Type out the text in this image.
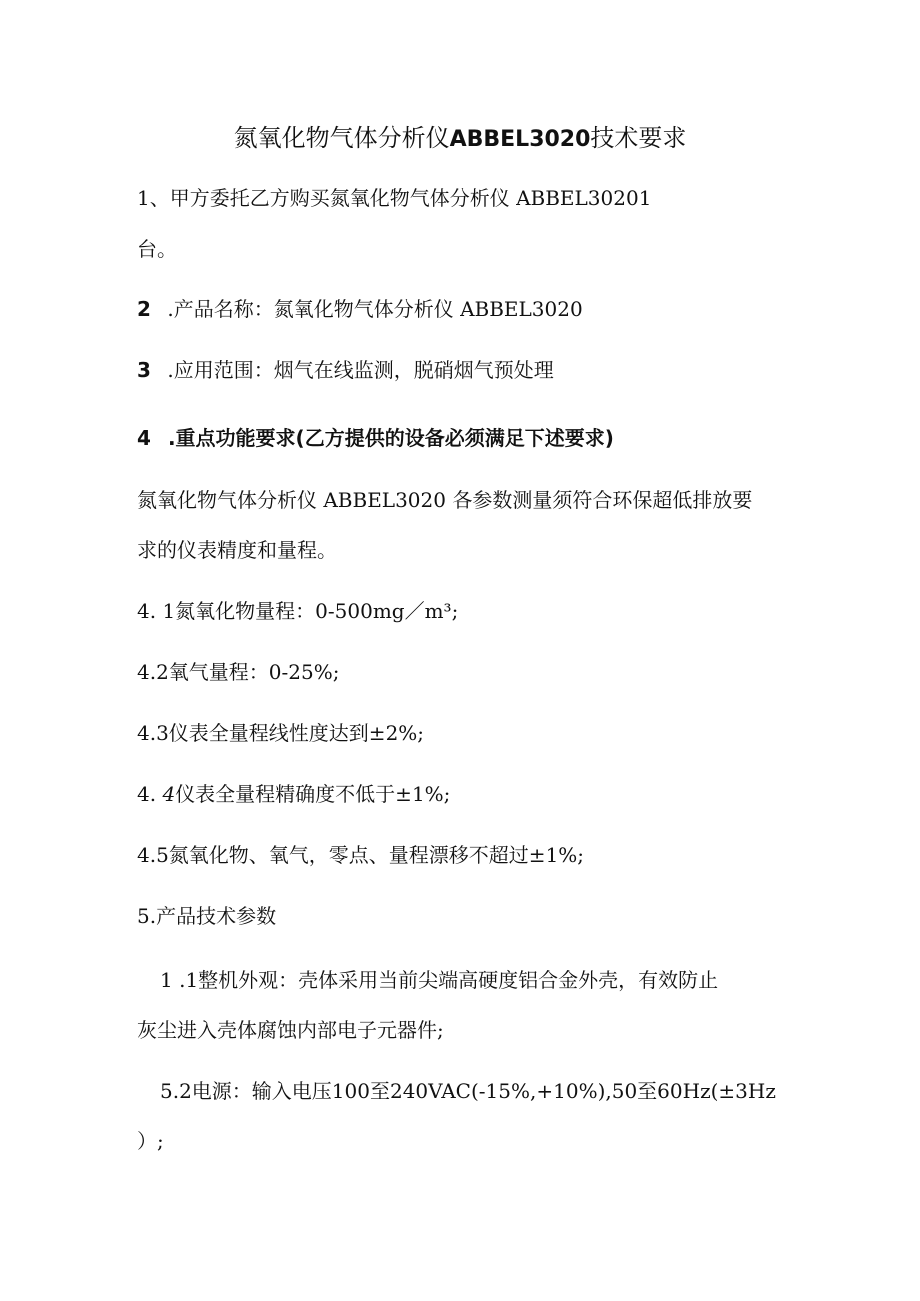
氮氧化物气体分析仪ABBEL3020技术要求
1、甲方委托乙方购买氮氧化物气体分析仪 ABBEL30201
台。
2 .产品名称：氮氧化物气体分析仪 ABBEL3020
3 .应用范围：烟气在线监测，脱硝烟气预处理
4 .重点功能要求(乙方提供的设备必须满足下述要求)
氮氧化物气体分析仪 ABBEL3020 各参数测量须符合环保超低排放要
求的仪表精度和量程。
4. 1氮氧化物量程：0-500mg／m³;
4.2氧气量程：0-25%;
4.3仪表全量程线性度达到±2%;
4. 4仪表全量程精确度不低于±1%;
4.5氮氧化物、氧气，零点、量程漂移不超过±1%;
5.产品技术参数
1 .1整机外观：壳体采用当前尖端高硬度铝合金外壳，有效防止
灰尘进入壳体腐蚀内部电子元器件;
5.2电源：输入电压100至240VAC(-15%,+10%),50至60Hz(±3Hz
）;
